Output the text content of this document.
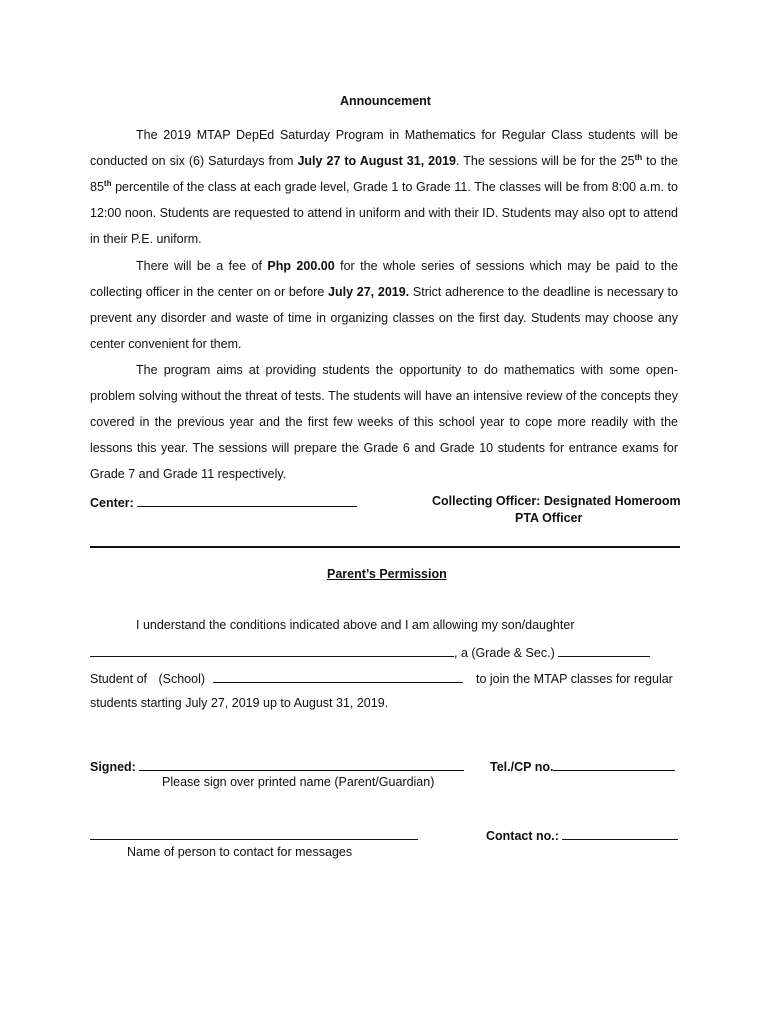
Announcement

The 2019 MTAP DepEd Saturday Program in Mathematics for Regular Class students will be conducted on six (6) Saturdays from July 27 to August 31, 2019. The sessions will be for the 25th to the 85th percentile of the class at each grade level, Grade 1 to Grade 11. The classes will be from 8:00 a.m. to 12:00 noon. Students are requested to attend in uniform and with their ID. Students may also opt to attend in their P.E. uniform.

There will be a fee of Php 200.00 for the whole series of sessions which may be paid to the collecting officer in the center on or before July 27, 2019. Strict adherence to the deadline is necessary to prevent any disorder and waste of time in organizing classes on the first day. Students may choose any center convenient for them.

The program aims at providing students the opportunity to do mathematics with some open-problem solving without the threat of tests. The students will have an intensive review of the concepts they covered in the previous year and the first few weeks of this school year to cope more readily with the lessons this year. The sessions will prepare the Grade 6 and Grade 10 students for entrance exams for Grade 7 and Grade 11 respectively.

Center:	Collecting Officer: Designated Homeroom
PTA Officer
Parent’s Permission
I understand the conditions indicated above and I am allowing my son/daughter
, a (Grade & Sec.)
Student of (School)	to join the MTAP classes for regular
students starting July 27, 2019 up to August 31, 2019.
Signed:	Tel./CP no.
Please sign over printed name (Parent/Guardian)
Contact no.:
Name of person to contact for messages
